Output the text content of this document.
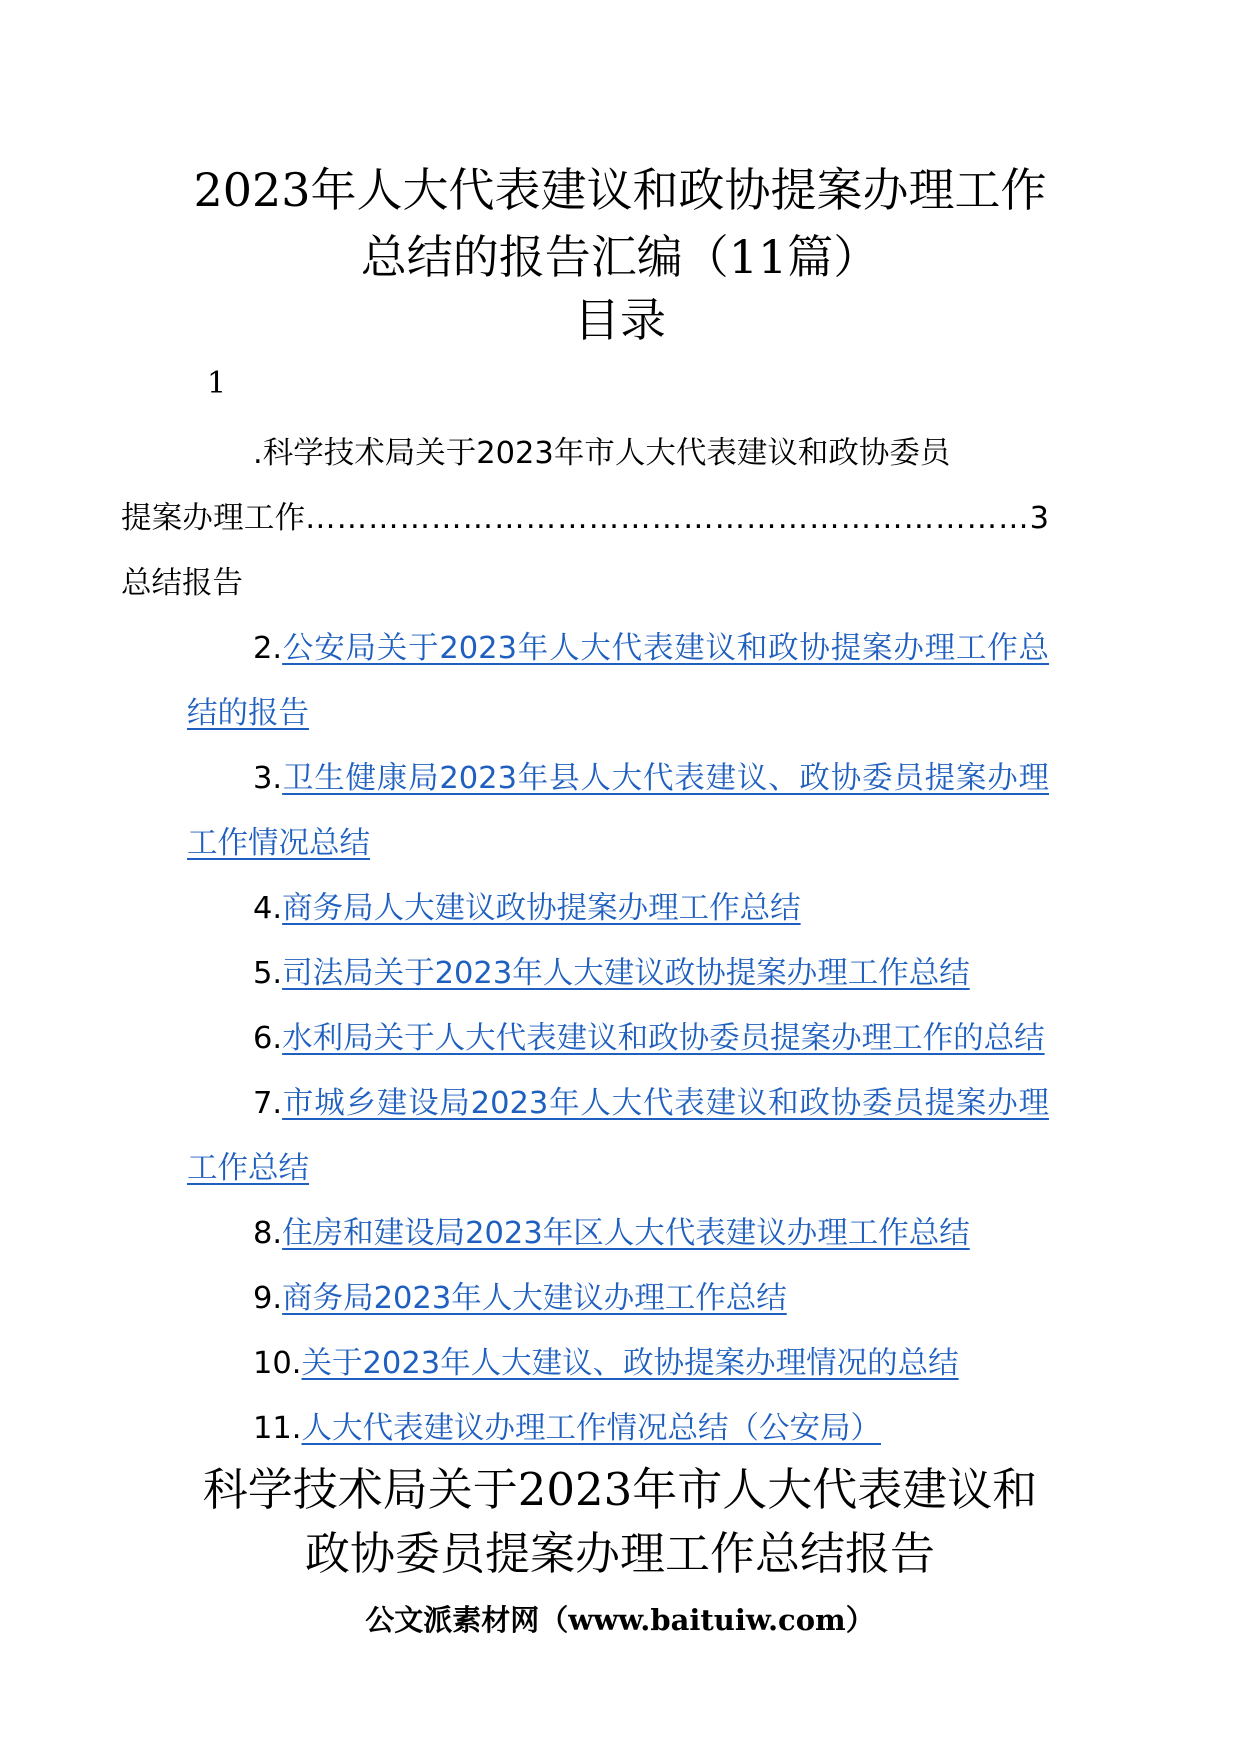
2023年人大代表建议和政协提案办理工作
总结的报告汇编（11篇）
目录
1

.科学技术局关于2023年市人大代表建议和政协委员
提案办理工作总结报告
…………………………………………………………… 3

2.公安局关于2023年人大代表建议和政协提案办理工作总结的报告

3.卫生健康局2023年县人大代表建议、政协委员提案办理工作情况总结

4.商务局人大建议政协提案办理工作总结

5.司法局关于2023年人大建议政协提案办理工作总结

6.水利局关于人大代表建议和政协委员提案办理工作的总结

7.市城乡建设局2023年人大代表建议和政协委员提案办理工作总结

8.住房和建设局2023年区人大代表建议办理工作总结

9.商务局2023年人大建议办理工作总结

10.关于2023年人大建议、政协提案办理情况的总结

11.人大代表建议办理工作情况总结（公安局）

科学技术局关于2023年市人大代表建议和
政协委员提案办理工作总结报告
公文派素材网（www.baituiw.com）
